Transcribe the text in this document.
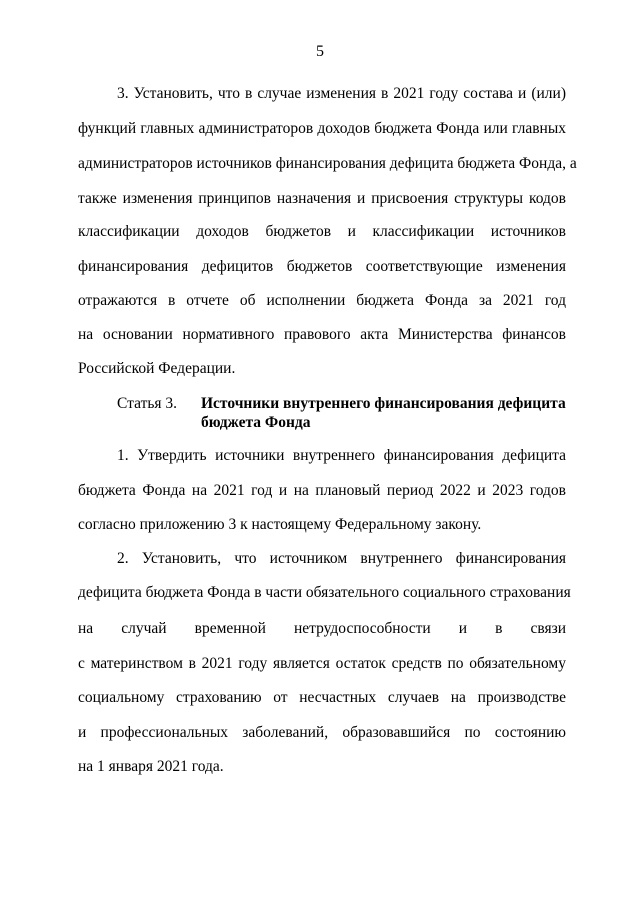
5
3. Установить, что в случае изменения в 2021 году состава и (или)
функций главных администраторов доходов бюджета Фонда или главных
администраторов источников финансирования дефицита бюджета Фонда, а
также изменения принципов назначения и присвоения структуры кодов
классификации доходов бюджетов и классификации источников
финансирования дефицитов бюджетов соответствующие изменения
отражаются в отчете об исполнении бюджета Фонда за 2021 год
на основании нормативного правового акта Министерства финансов
Российской Федерации.
Статья 3. Источники внутреннего финансирования дефицита
бюджета Фонда
1. Утвердить источники внутреннего финансирования дефицита
бюджета Фонда на 2021 год и на плановый период 2022 и 2023 годов
согласно приложению 3 к настоящему Федеральному закону.
2. Установить, что источником внутреннего финансирования
дефицита бюджета Фонда в части обязательного социального страхования
на случай временной нетрудоспособности и в связи
с материнством в 2021 году является остаток средств по обязательному
социальному страхованию от несчастных случаев на производстве
и профессиональных заболеваний, образовавшийся по состоянию
на 1 января 2021 года.
